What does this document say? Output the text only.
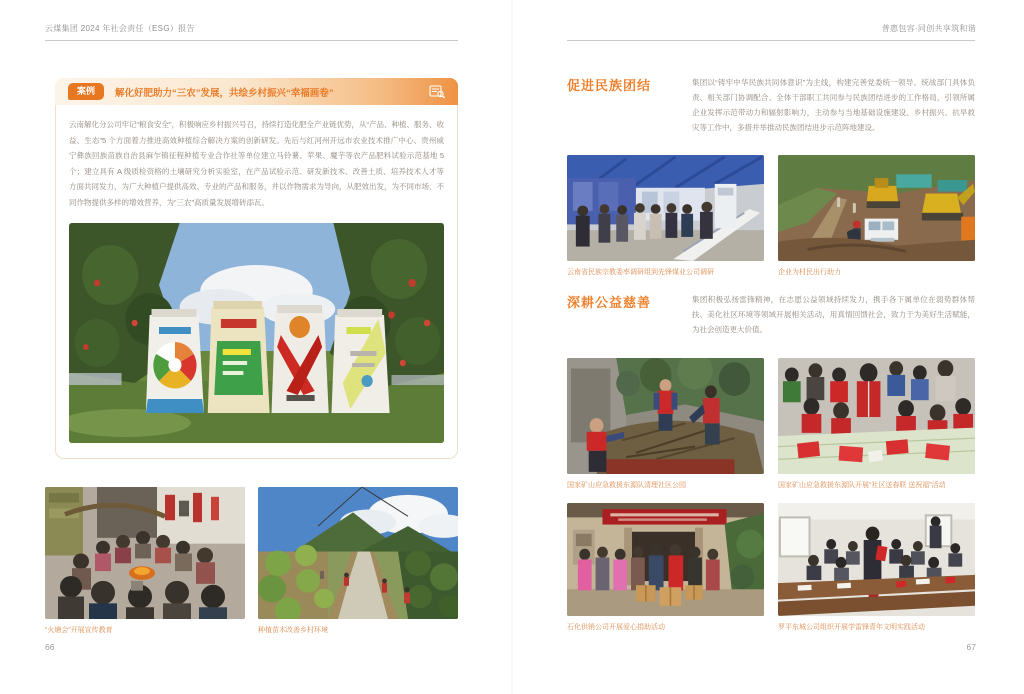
云煤集团 2024 年社会责任（ESG）报告	普惠包容·同创共享筑和谐
案例	解化好肥助力“三农”发展，共绘乡村振兴“幸福画卷”
云南解化分公司牢记“粮食安全”，积极响应乡村振兴号召，持续打造化肥全产业链优势，从“产品、种植、服务、收益、生态”5 个方面着力推进高效种植综合解决方案的创新研发。先后与红河州开远市农业技术推广中心、贵州威宁彝族回族苗族自治县麻乍镇征程种植专业合作社等单位建立马铃薯、苹果、魔芋等农产品肥料试验示范基地 5 个；建立具有 A 级质检资格的土壤研究分析实验室，在产品试验示范、研发新技术、改善土质、培养技术人才等方面共同发力，为广大种植户提供高效、专业的产品和服务，并以作物需求为导向，从肥效出发，为不同市场、不同作物提供多样的增效营养，为“三农”高质量发展增砖添瓦。
“火塘会”开展宣传教育	种植苗木改善乡村环境
66
促进民族团结	集团以“铸牢中华民族共同体意识”为主线，构建完善党委统一领导、统战部门具体负责、相关部门协调配合、全体干部职工共同参与民族团结进步的工作格局，引领所属企业发挥示范带动力和辐射影响力，主动参与当地基础设施建设、乡村振兴、抗旱救灾等工作中，多措并举推动民族团结进步示范阵地建设。
云南省民族宗教委率调研组到先锋煤业公司调研	企业为村民出行助力
深耕公益慈善	集团积极弘扬雷锋精神，在志愿公益领域持续发力，携手各下属单位在弱势群体帮扶、美化社区环境等领域开展相关活动，用真情回馈社会，致力于为美好生活赋能，为社会创造更大价值。
国家矿山应急救援东源队清理社区公园	国家矿山应急救援东源队开展“社区送春联 送祝福”活动
石化供销公司开展爱心捐助活动	罗平东城公司组织开展学雷锋青年文明实践活动
67
